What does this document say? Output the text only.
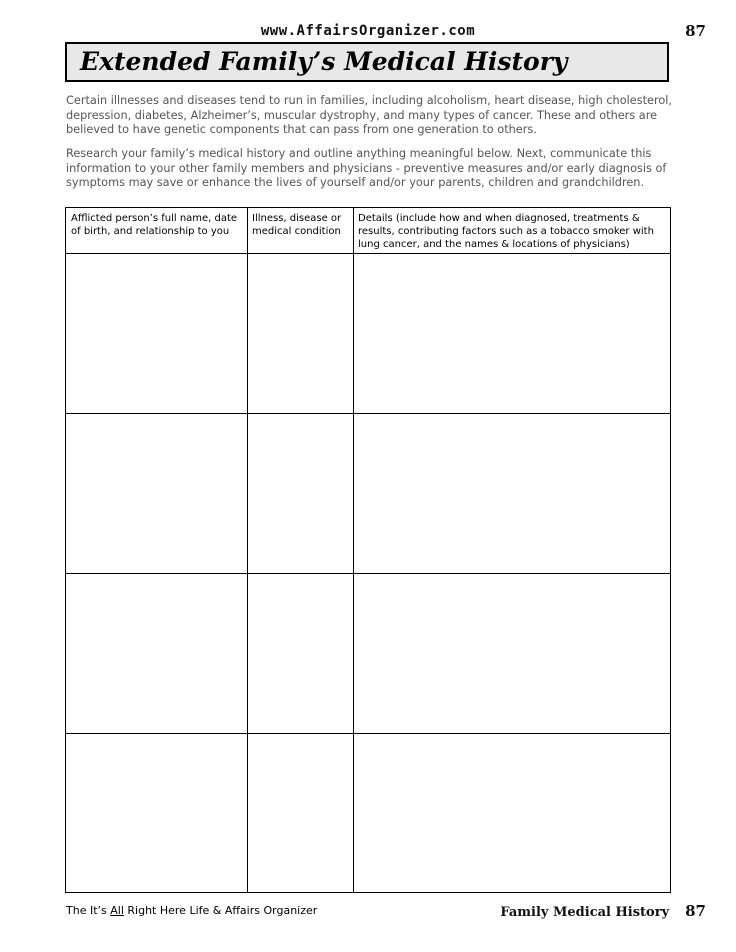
www.AffairsOrganizer.com	87
Extended Family’s Medical History
Certain illnesses and diseases tend to run in families, including alcoholism, heart disease, high cholesterol, depression, diabetes, Alzheimer’s, muscular dystrophy, and many types of cancer. These and others are believed to have genetic components that can pass from one generation to others.
Research your family’s medical history and outline anything meaningful below. Next, communicate this information to your other family members and physicians - preventive measures and/or early diagnosis of symptoms may save or enhance the lives of yourself and/or your parents, children and grandchildren.
Afflicted person’s full name, date of birth, and relationship to you
Illness, disease or medical condition
Details (include how and when diagnosed, treatments & results, contributing factors such as a tobacco smoker with lung cancer, and the names & locations of physicians)
The It’s All Right Here Life & Affairs Organizer	Family Medical History 87
